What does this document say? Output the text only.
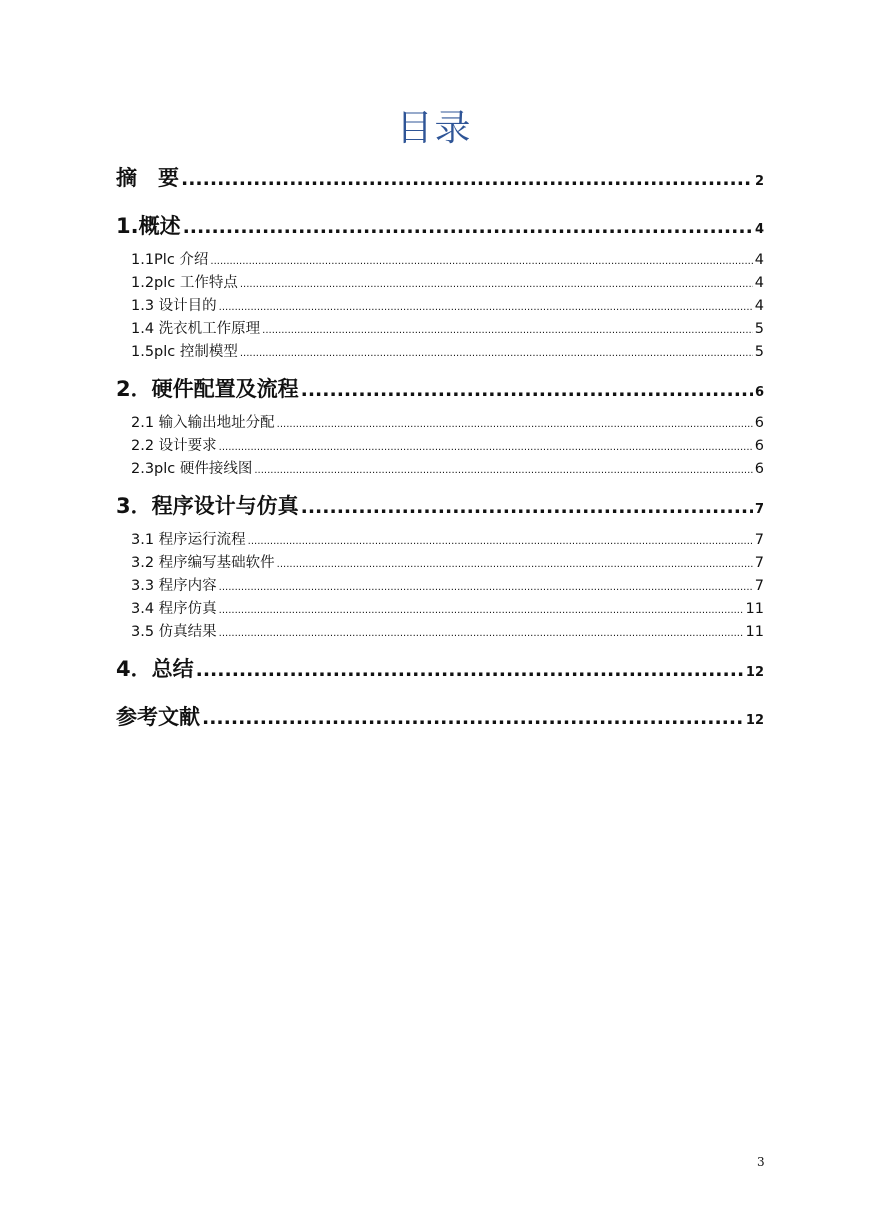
目录
摘　要 .....	2
1.概述 .....	4
1.1Plc 介绍 .....	4
1.2plc 工作特点 .....	4
1.3 设计目的 .....	4
1.4 洗衣机工作原理 .....	5
1.5plc 控制模型 .....	5
2．硬件配置及流程 .....	6
2.1 输入输出地址分配 .....	6
2.2 设计要求 .....	6
2.3plc 硬件接线图 .....	6
3．程序设计与仿真 .....	7
3.1 程序运行流程 .....	7
3.2 程序编写基础软件 .....	7
3.3 程序内容 .....	7
3.4 程序仿真 .....	11
3.5 仿真结果 .....	11
4．总结 .....	12
参考文献 .....	12
3
